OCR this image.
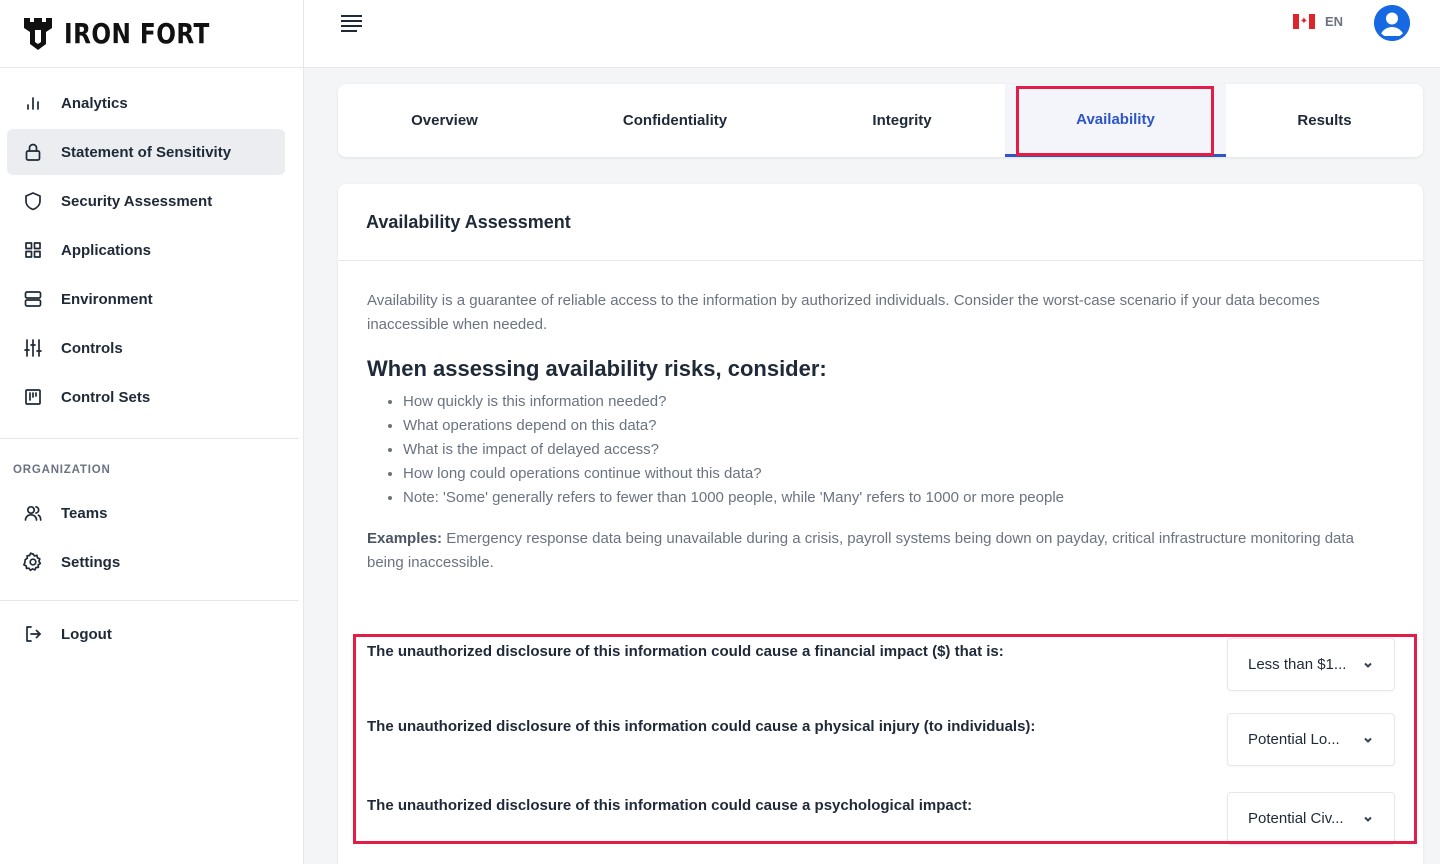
IRON FORT
Analytics
Statement of Sensitivity
Security Assessment
Applications
Environment
Controls
Control Sets
ORGANIZATION
Teams
Settings
Logout
✦ EN
Overview	Confidentiality	Integrity	Availability	Results
Availability Assessment

Availability is a guarantee of reliable access to the information by authorized individuals. Consider the worst-case scenario if your data becomes inaccessible when needed.

When assessing availability risks, consider:
• How quickly is this information needed?
• What operations depend on this data?
• What is the impact of delayed access?
• How long could operations continue without this data?
• Note: 'Some' generally refers to fewer than 1000 people, while 'Many' refers to 1000 or more people

Examples: Emergency response data being unavailable during a crisis, payroll systems being down on payday, critical infrastructure monitoring data being inaccessible.

The unauthorized disclosure of this information could cause a financial impact ($) that is:
Less than $1...
The unauthorized disclosure of this information could cause a physical injury (to individuals):
Potential Lo...
The unauthorized disclosure of this information could cause a psychological impact:
Potential Civ...
